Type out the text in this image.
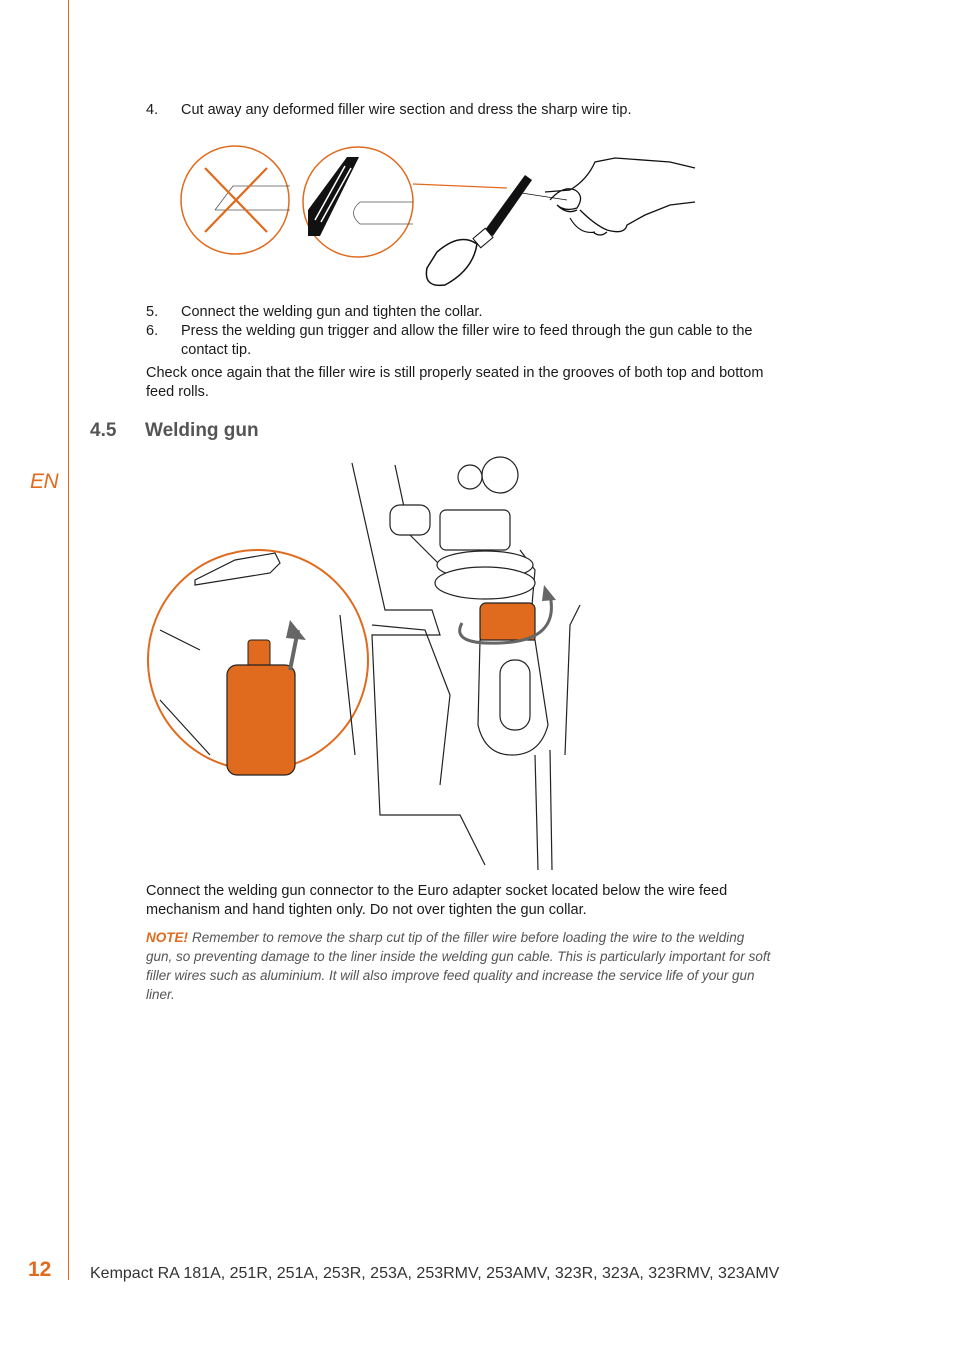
EN
4. Cut away any deformed filler wire section and dress the sharp wire tip.
5. Connect the welding gun and tighten the collar.
6. Press the welding gun trigger and allow the filler wire to feed through the gun cable to the contact tip.
Check once again that the filler wire is still properly seated in the grooves of both top and bottom feed rolls.
4.5 Welding gun
Connect the welding gun connector to the Euro adapter socket located below the wire feed mechanism and hand tighten only. Do not over tighten the gun collar.
NOTE! Remember to remove the sharp cut tip of the filler wire before loading the wire to the welding gun, so preventing damage to the liner inside the welding gun cable. This is particularly important for soft filler wires such as aluminium. It will also improve feed quality and increase the service life of your gun liner.
12 Kempact RA 181A, 251R, 251A, 253R, 253A, 253RMV, 253AMV, 323R, 323A, 323RMV, 323AMV
